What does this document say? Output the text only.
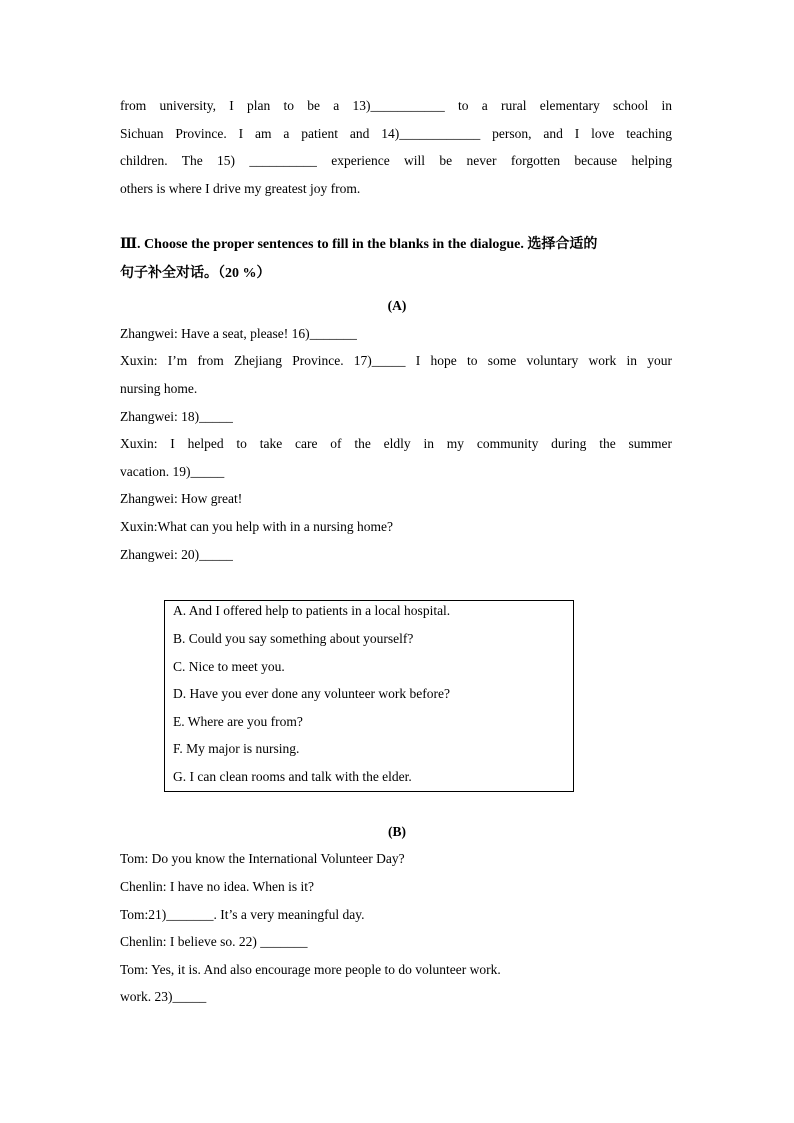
from university, I plan to be a 13)___________ to a rural elementary school in
Sichuan Province. I am a patient and 14)____________ person, and I love teaching
children. The 15) __________ experience will be never forgotten because helping
others is where I drive my greatest joy from.
Ⅲ. Choose the proper sentences to fill in the blanks in the dialogue. 选择合适的
句子补全对话。（20 %）
(A)
Zhangwei: Have a seat, please! 16)_______
Xuxin: I’m from Zhejiang Province. 17)_____ I hope to some voluntary work in your
nursing home.
Zhangwei: 18)_____
Xuxin: I helped to take care of the eldly in my community during the summer
vacation. 19)_____
Zhangwei: How great!
Xuxin:What can you help with in a nursing home?
Zhangwei: 20)_____
A. And I offered help to patients in a local hospital.
B. Could you say something about yourself?
C. Nice to meet you.
D. Have you ever done any volunteer work before?
E. Where are you from?
F. My major is nursing.
G. I can clean rooms and talk with the elder.
(B)
Tom: Do you know the International Volunteer Day?
Chenlin: I have no idea. When is it?
Tom:21)_______. It’s a very meaningful day.
Chenlin: I believe so. 22) _______
Tom: Yes, it is. And also encourage more people to do volunteer work.
work. 23)_____
